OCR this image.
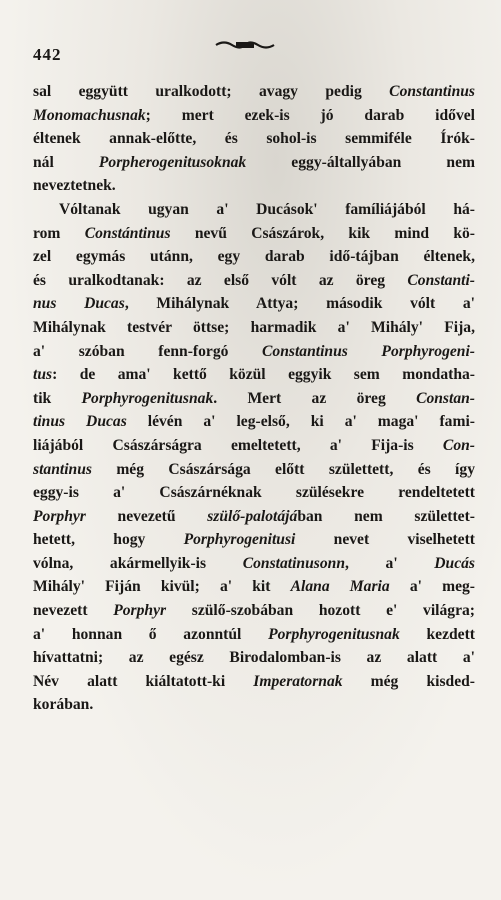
442
sal eggyütt uralkodott; avagy pedig Constantinus
Monomachusnak; mert ezek-is jó darab idővel
éltenek annak-előtte, és sohol-is semmiféle Írók-
nál Porpherogenitusoknak eggy-általlyában nem
neveztetnek.
Vóltanak ugyan a' Ducások' famíliájából há-
rom Constántinus nevű Császárok, kik mind kö-
zel egymás utánn, egy darab idő-tájban éltenek,
és uralkodtanak: az első vólt az öreg Constanti-
nus Ducas, Mihálynak Attya; második vólt a'
Mihálynak testvér öttse; harmadik a' Mihály' Fija,
a' szóban fenn-forgó Constantinus Porphyrogeni-
tus: de ama' kettő közül eggyik sem mondatha-
tik Porphyrogenitusnak. Mert az öreg Constan-
tinus Ducas lévén a' leg-első, ki a' maga' fami-
liájából Császárságra emeltetett, a' Fija-is Con-
stantinus még Császársága előtt születtett, és így
eggy-is a' Császárnéknak szülésekre rendeltetett
Porphyr nevezetű szülő-palotájában nem születtet-
hetett, hogy Porphyrogenitusi nevet viselhetett
vólna, akármellyik-is Constatinusonn, a' Ducás
Mihály' Fiján kivül; a' kit Alana Maria a' meg-
nevezett Porphyr szülő-szobában hozott e' világra;
a' honnan ő azonntúl Porphyrogenitusnak kezdett
hívattatni; az egész Birodalomban-is az alatt a'
Név alatt kiáltatott-ki Imperatornak még kisded-
korában.
